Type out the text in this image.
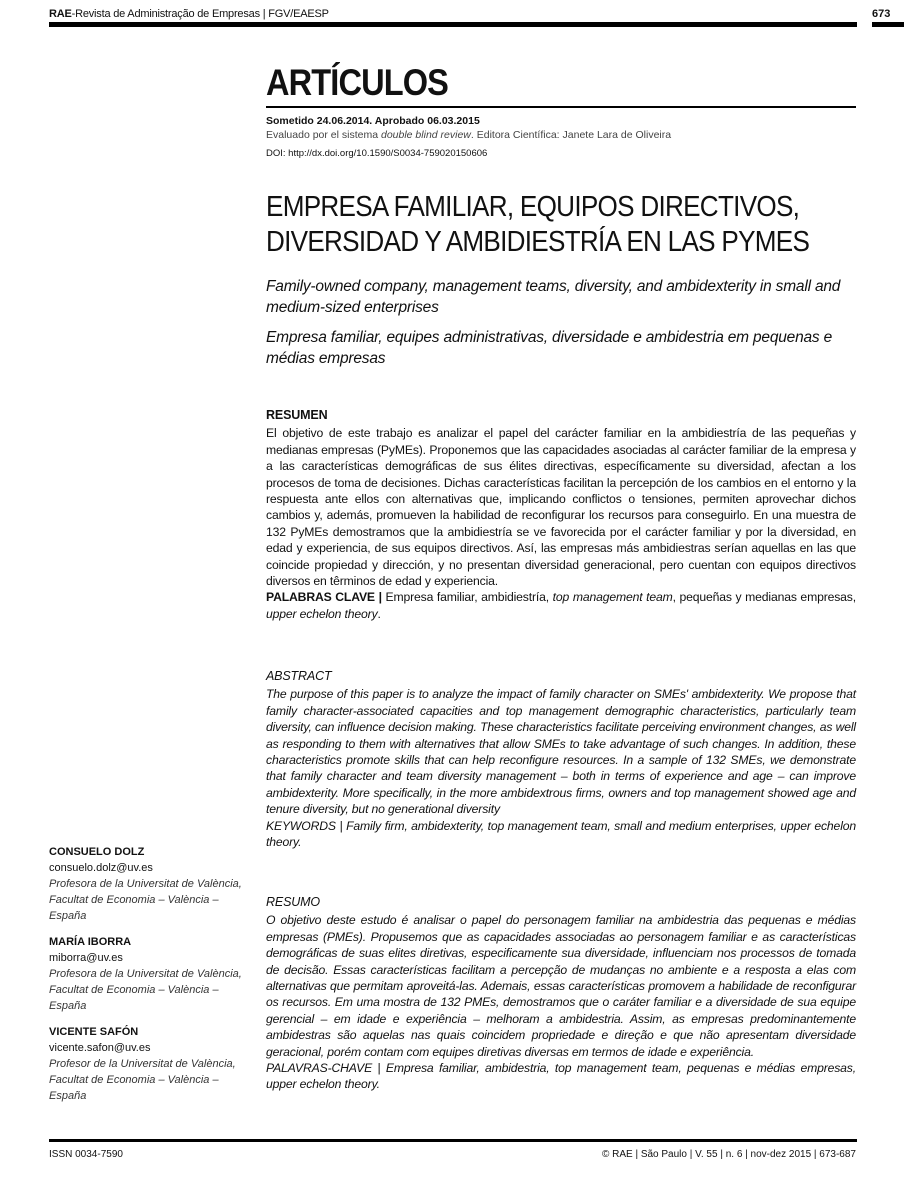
RAE-Revista de Administração de Empresas | FGV/EAESP	673
ARTÍCULOS
Sometido 24.06.2014. Aprobado 06.03.2015
Evaluado por el sistema double blind review. Editora Científica: Janete Lara de Oliveira
DOI: http://dx.doi.org/10.1590/S0034-759020150606
EMPRESA FAMILIAR, EQUIPOS DIRECTIVOS,
DIVERSIDAD Y AMBIDIESTRÍA EN LAS PYMES
Family-owned company, management teams, diversity, and ambidexterity in small and medium-sized enterprises
Empresa familiar, equipes administrativas, diversidade e ambidestria em pequenas e médias empresas
RESUMEN
El objetivo de este trabajo es analizar el papel del carácter familiar en la ambidiestría de las pequeñas y medianas empresas (PyMEs). Proponemos que las capacidades asociadas al carácter familiar de la empresa y a las características demográficas de sus élites directivas, específicamente su diversidad, afectan a los procesos de toma de decisiones. Dichas características facilitan la percepción de los cambios en el entorno y la respuesta ante ellos con alternativas que, implicando conflictos o tensiones, permiten aprovechar dichos cambios y, además, promueven la habilidad de reconfigurar los recursos para conseguirlo. En una muestra de 132 PyMEs demostramos que la ambidiestría se ve favorecida por el carácter familiar y por la diversidad, en edad y experiencia, de sus equipos directivos. Así, las empresas más ambidiestras serían aquellas en las que coincide propiedad y dirección, y no presentan diversidad generacional, pero cuentan con equipos directivos diversos en têrminos de edad y experiencia.
PALABRAS CLAVE | Empresa familiar, ambidiestría, top management team, pequeñas y medianas empresas, upper echelon theory.
ABSTRACT
The purpose of this paper is to analyze the impact of family character on SMEs' ambidexterity. We propose that family character-associated capacities and top management demographic characteristics, particularly team diversity, can influence decision making. These characteristics facilitate perceiving environment changes, as well as responding to them with alternatives that allow SMEs to take advantage of such changes. In addition, these characteristics promote skills that can help reconfigure resources. In a sample of 132 SMEs, we demonstrate that family character and team diversity management – both in terms of experience and age – can improve ambidexterity. More specifically, in the more ambidextrous firms, owners and top management showed age and tenure diversity, but no generational diversity
KEYWORDS | Family firm, ambidexterity, top management team, small and medium enterprises, upper echelon theory.
RESUMO
O objetivo deste estudo é analisar o papel do personagem familiar na ambidestria das pequenas e médias empresas (PMEs). Propusemos que as capacidades associadas ao personagem familiar e as características demográficas de suas elites diretivas, especificamente sua diversidade, influenciam nos processos de tomada de decisão. Essas características facilitam a percepção de mudanças no ambiente e a resposta a elas com alternativas que permitam aproveitá-las. Ademais, essas características promovem a habilidade de reconfigurar os recursos. Em uma mostra de 132 PMEs, demostramos que o caráter familiar e a diversidade de sua equipe gerencial – em idade e experiência – melhoram a ambidestria. Assim, as empresas predominantemente ambidestras são aquelas nas quais coincidem propriedade e direção e que não apresentam diversidade geracional, porém contam com equipes diretivas diversas em termos de idade e experiência.
PALAVRAS-CHAVE | Empresa familiar, ambidestria, top management team, pequenas e médias empresas, upper echelon theory.
CONSUELO DOLZ
consuelo.dolz@uv.es
Profesora de la Universitat de València, Facultat de Economia – València – España
MARÍA IBORRA
miborra@uv.es
Profesora de la Universitat de València, Facultat de Economia – València – España
VICENTE SAFÓN
vicente.safon@uv.es
Profesor de la Universitat de València, Facultat de Economia – València – España
ISSN 0034-7590	© RAE | São Paulo | V. 55 | n. 6 | nov-dez 2015 | 673-687
